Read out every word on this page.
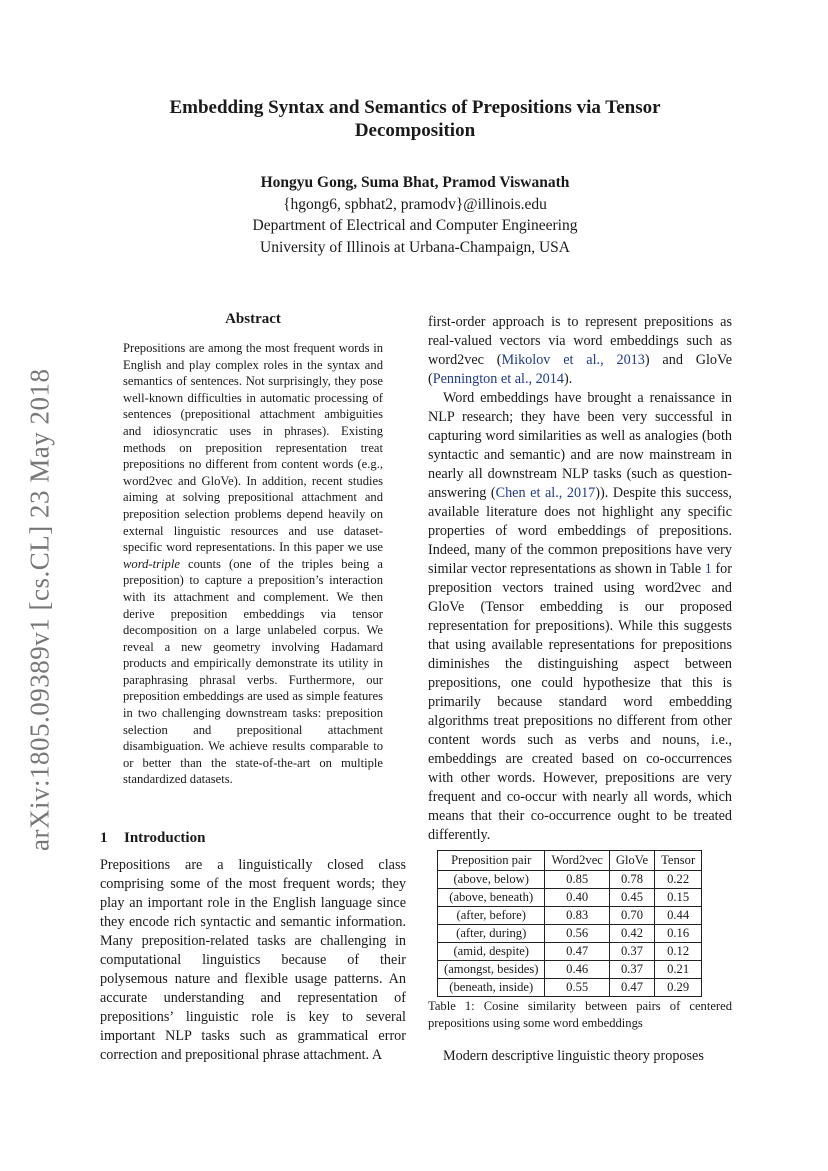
arXiv:1805.09389v1 [cs.CL] 23 May 2018
Embedding Syntax and Semantics of Prepositions via Tensor Decomposition
Hongyu Gong, Suma Bhat, Pramod Viswanath
{hgong6, spbhat2, pramodv}@illinois.edu
Department of Electrical and Computer Engineering
University of Illinois at Urbana-Champaign, USA
Abstract
Prepositions are among the most frequent words in English and play complex roles in the syntax and semantics of sentences. Not surprisingly, they pose well-known difficulties in automatic processing of sentences (prepositional attachment ambiguities and idiosyncratic uses in phrases). Existing methods on preposition representation treat prepositions no different from content words (e.g., word2vec and GloVe). In addition, recent studies aiming at solving prepositional attachment and preposition selection problems depend heavily on external linguistic resources and use dataset-specific word representations. In this paper we use word-triple counts (one of the triples being a preposition) to capture a preposition’s interaction with its attachment and complement. We then derive preposition embeddings via tensor decomposition on a large unlabeled corpus. We reveal a new geometry involving Hadamard products and empirically demonstrate its utility in paraphrasing phrasal verbs. Furthermore, our preposition embeddings are used as simple features in two challenging downstream tasks: preposition selection and prepositional attachment disambiguation. We achieve results comparable to or better than the state-of-the-art on multiple standardized datasets.
1 Introduction
Prepositions are a linguistically closed class comprising some of the most frequent words; they play an important role in the English language since they encode rich syntactic and semantic information. Many preposition-related tasks are challenging in computational linguistics because of their polysemous nature and flexible usage patterns. An accurate understanding and representation of prepositions’ linguistic role is key to several important NLP tasks such as grammatical error correction and prepositional phrase attachment. A

first-order approach is to represent prepositions as real-valued vectors via word embeddings such as word2vec (Mikolov et al., 2013) and GloVe (Pennington et al., 2014).

Word embeddings have brought a renaissance in NLP research; they have been very successful in capturing word similarities as well as analogies (both syntactic and semantic) and are now mainstream in nearly all downstream NLP tasks (such as question-answering (Chen et al., 2017)). Despite this success, available literature does not highlight any specific properties of word embeddings of prepositions. Indeed, many of the common prepositions have very similar vector representations as shown in Table 1 for preposition vectors trained using word2vec and GloVe (Tensor embedding is our proposed representation for prepositions). While this suggests that using available representations for prepositions diminishes the distinguishing aspect between prepositions, one could hypothesize that this is primarily because standard word embedding algorithms treat prepositions no different from other content words such as verbs and nouns, i.e., embeddings are created based on co-occurrences with other words. However, prepositions are very frequent and co-occur with nearly all words, which means that their co-occurrence ought to be treated differently.

Preposition pair	Word2vec	GloVe	Tensor
(above, below)	0.85	0.78	0.22
(above, beneath)	0.40	0.45	0.15
(after, before)	0.83	0.70	0.44
(after, during)	0.56	0.42	0.16
(amid, despite)	0.47	0.37	0.12
(amongst, besides)	0.46	0.37	0.21
(beneath, inside)	0.55	0.47	0.29
Table 1: Cosine similarity between pairs of centered prepositions using some word embeddings

Modern descriptive linguistic theory proposes
